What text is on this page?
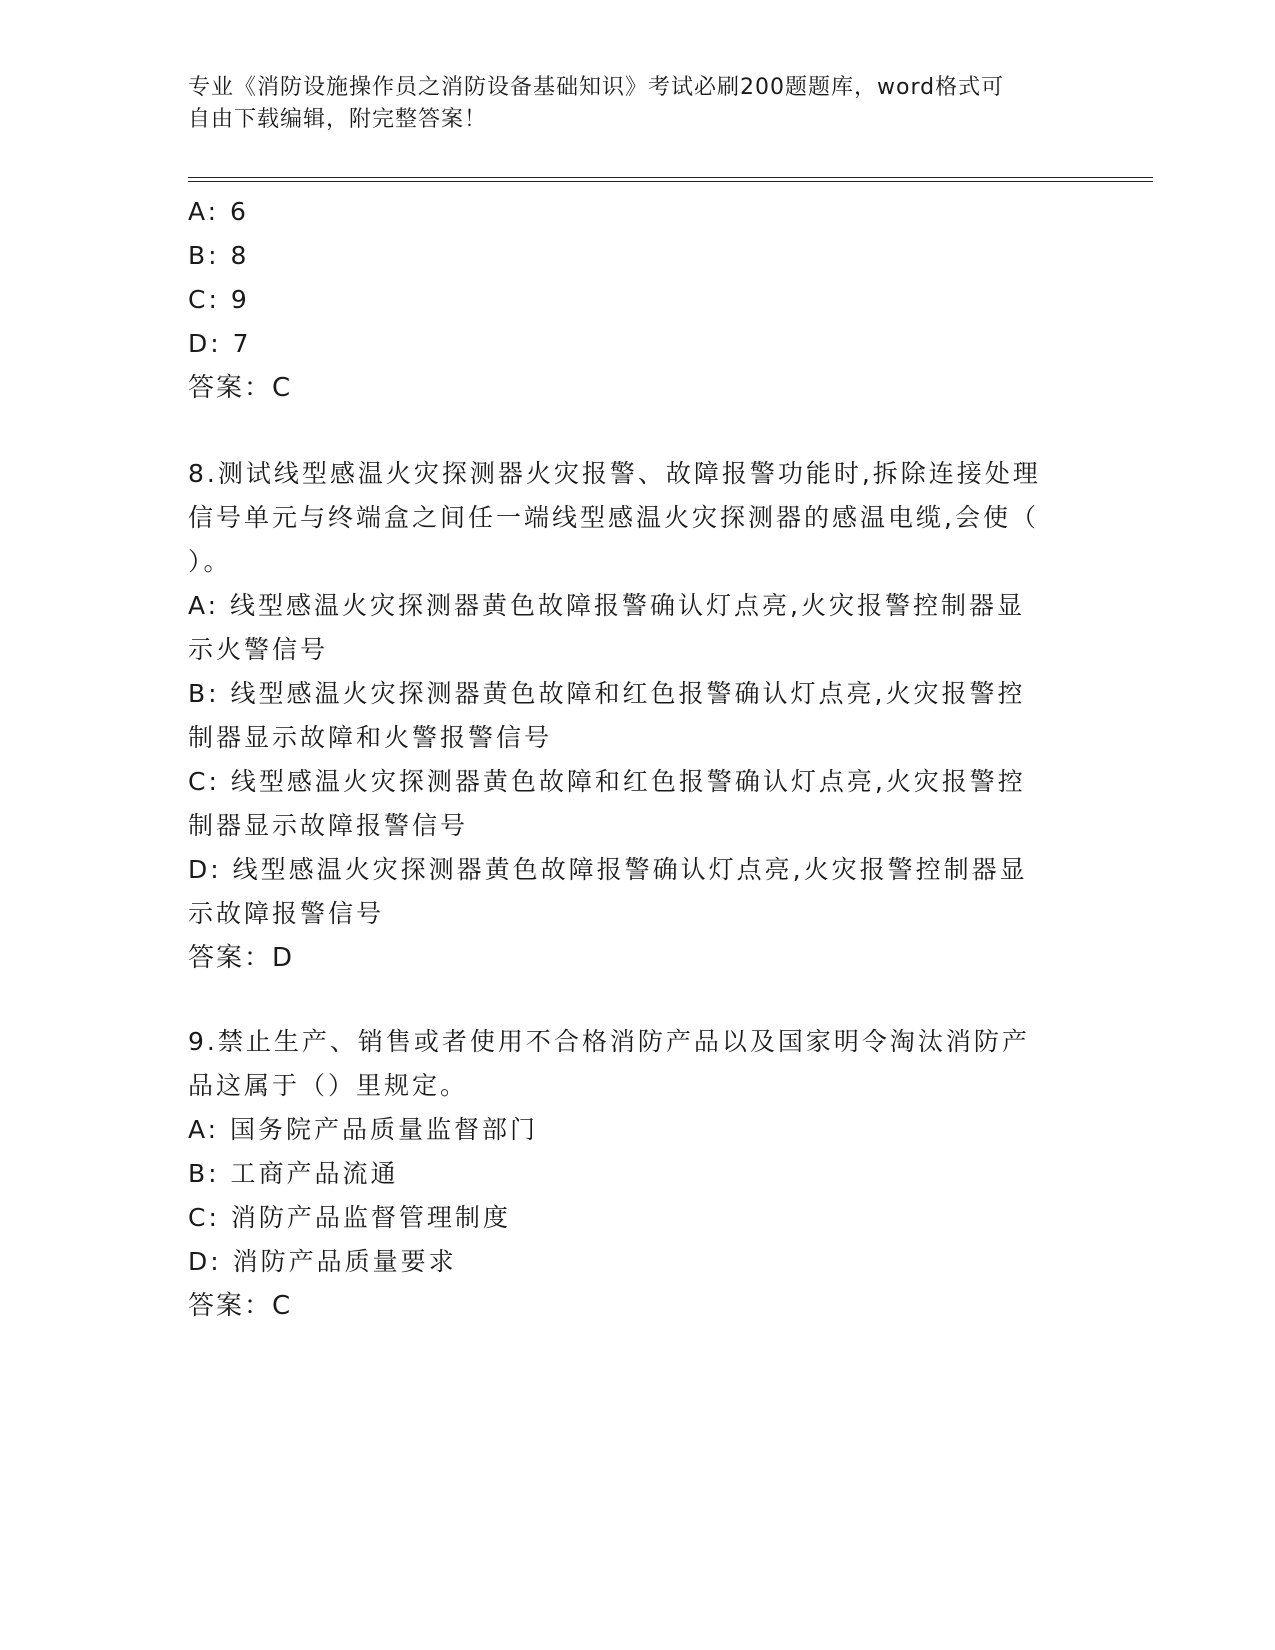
专业《消防设施操作员之消防设备基础知识》考试必刷200题题库，word格式可
自由下载编辑，附完整答案！
A: 6
B: 8
C: 9
D: 7
答案：C
8.测试线型感温火灾探测器火灾报警、故障报警功能时,拆除连接处理
信号单元与终端盒之间任一端线型感温火灾探测器的感温电缆,会使（
）。
A: 线型感温火灾探测器黄色故障报警确认灯点亮,火灾报警控制器显
示火警信号
B: 线型感温火灾探测器黄色故障和红色报警确认灯点亮,火灾报警控
制器显示故障和火警报警信号
C: 线型感温火灾探测器黄色故障和红色报警确认灯点亮,火灾报警控
制器显示故障报警信号
D: 线型感温火灾探测器黄色故障报警确认灯点亮,火灾报警控制器显
示故障报警信号
答案：D
9.禁止生产、销售或者使用不合格消防产品以及国家明令淘汰消防产
品这属于（）里规定。
A: 国务院产品质量监督部门
B: 工商产品流通
C: 消防产品监督管理制度
D: 消防产品质量要求
答案：C
